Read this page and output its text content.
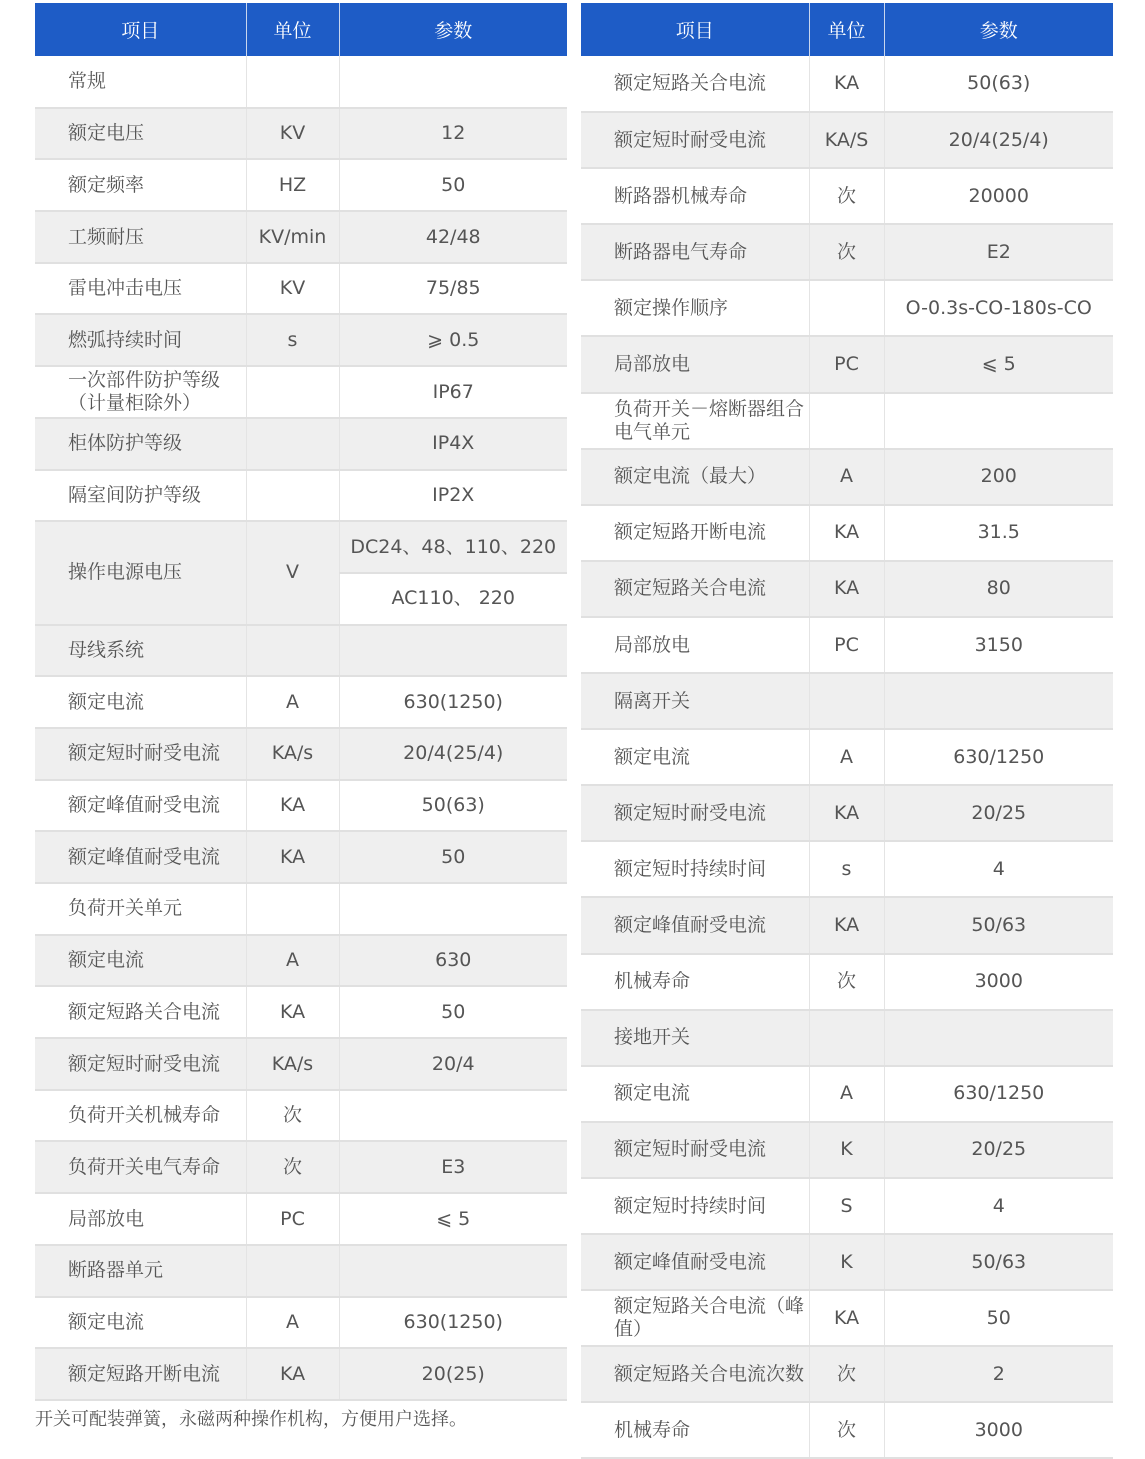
项目	单位	参数
常规		
额定电压	KV	12
额定频率	HZ	50
工频耐压	KV/min	42/48
雷电冲击电压	KV	75/85
燃弧持续时间	s	⩾ 0.5
一次部件防护等级（计量柜除外）		IP67
柜体防护等级		IP4X
隔室间防护等级		IP2X
操作电源电压	V	DC24、48、110、220
		AC110、 220
母线系统		
额定电流	A	630(1250)
额定短时耐受电流	KA/s	20/4(25/4)
额定峰值耐受电流	KA	50(63)
额定峰值耐受电流	KA	50
负荷开关单元		
额定电流	A	630
额定短路关合电流	KA	50
额定短时耐受电流	KA/s	20/4
负荷开关机械寿命	次	
负荷开关电气寿命	次	E3
局部放电	PC	⩽ 5
断路器单元		
额定电流	A	630(1250)
额定短路开断电流	KA	20(25)
项目	单位	参数
额定短路关合电流	KA	50(63)
额定短时耐受电流	KA/S	20/4(25/4)
断路器机械寿命	次	20000
断路器电气寿命	次	E2
额定操作顺序		O-0.3s-CO-180s-CO
局部放电	PC	⩽ 5
负荷开关－熔断器组合电气单元		
额定电流（最大）	A	200
额定短路开断电流	KA	31.5
额定短路关合电流	KA	80
局部放电	PC	3150
隔离开关		
额定电流	A	630/1250
额定短时耐受电流	KA	20/25
额定短时持续时间	s	4
额定峰值耐受电流	KA	50/63
机械寿命	次	3000
接地开关		
额定电流	A	630/1250
额定短时耐受电流	K	20/25
额定短时持续时间	S	4
额定峰值耐受电流	K	50/63
额定短路关合电流（峰值）	KA	50
额定短路关合电流次数	次	2
机械寿命	次	3000
开关可配装弹簧，永磁两种操作机构，方便用户选择。
